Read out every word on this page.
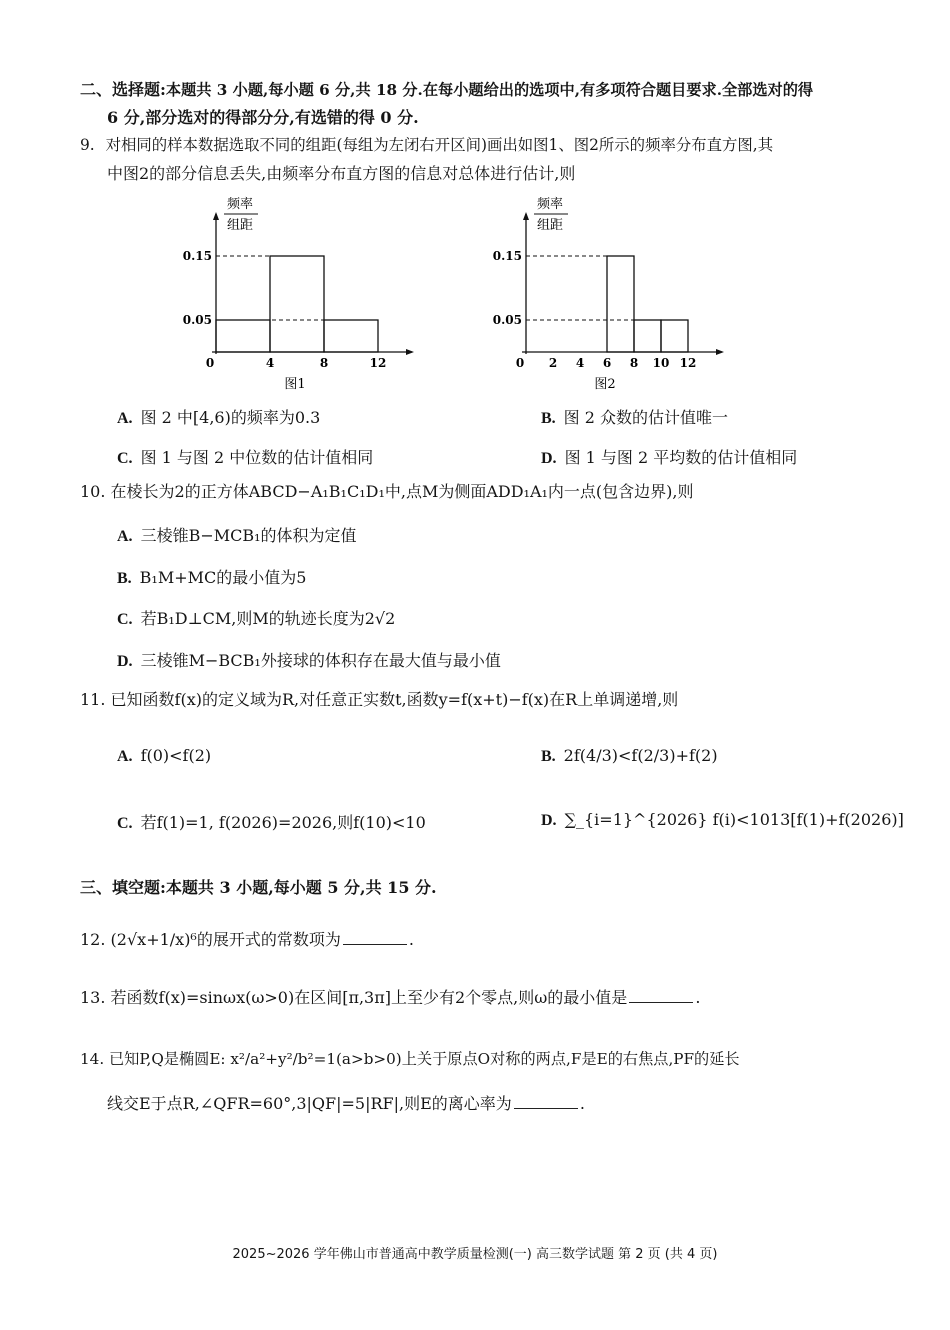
二、选择题:本题共 3 小题,每小题 6 分,共 18 分.在每小题给出的选项中,有多项符合题目要求.全部选对的得
6 分,部分选对的得部分分,有选错的得 0 分.
9. 对相同的样本数据选取不同的组距(每组为左闭右开区间)画出如图1、图2所示的频率分布直方图,其
中图2的部分信息丢失,由频率分布直方图的信息对总体进行估计,则
频率
组距
0
0.15
0.05
4	8	12
图1
频率
组距
0
0.15
0.05
2 4 6 8 10 12
图2
A. 图 2 中[4,6)的频率为0.3	B. 图 2 众数的估计值唯一
C. 图 1 与图 2 中位数的估计值相同	D. 图 1 与图 2 平均数的估计值相同
10. 在棱长为2的正方体ABCD−A₁B₁C₁D₁中,点M为侧面ADD₁A₁内一点(包含边界),则
A. 三棱锥B−MCB₁的体积为定值
B. B₁M+MC的最小值为5
C. 若B₁D⊥CM,则M的轨迹长度为2√2
D. 三棱锥M−BCB₁外接球的体积存在最大值与最小值
11. 已知函数f(x)的定义域为R,对任意正实数t,函数y=f(x+t)−f(x)在R上单调递增,则
A. f(0)<f(2)	B. 2f(4/3)<f(2/3)+f(2)
C. 若f(1)=1, f(2026)=2026,则f(10)<10	D. ∑_{i=1}^{2026} f(i)<1013[f(1)+f(2026)]
三、填空题:本题共 3 小题,每小题 5 分,共 15 分.
12. (2√x+1/x)⁶的展开式的常数项为	.
13. 若函数f(x)=sinωx(ω>0)在区间[π,3π]上至少有2个零点,则ω的最小值是	.
14. 已知P,Q是椭圆E: x²/a²+y²/b²=1(a>b>0)上关于原点O对称的两点,F是E的右焦点,PF的延长
线交E于点R,∠QFR=60°,3|QF|=5|RF|,则E的离心率为	.
2025~2026 学年佛山市普通高中教学质量检测(一) 高三数学试题 第 2 页 (共 4 页)
